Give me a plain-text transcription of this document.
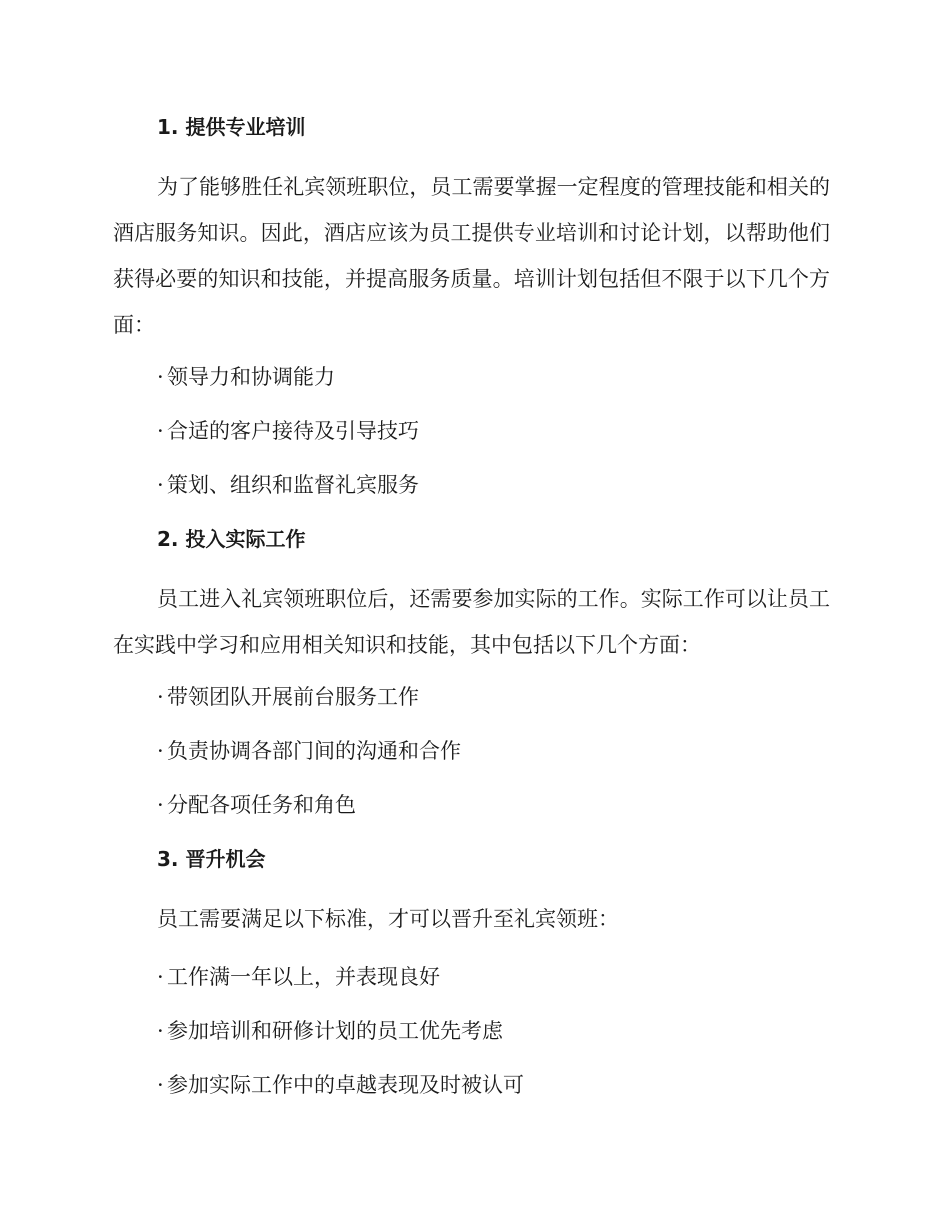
1. 提供专业培训

为了能够胜任礼宾领班职位，员工需要掌握一定程度的管理技能和相关的酒店服务知识。因此，酒店应该为员工提供专业培训和讨论计划，以帮助他们获得必要的知识和技能，并提高服务质量。培训计划包括但不限于以下几个方面：

· 领导力和协调能力
· 合适的客户接待及引导技巧
· 策划、组织和监督礼宾服务
2. 投入实际工作

员工进入礼宾领班职位后，还需要参加实际的工作。实际工作可以让员工在实践中学习和应用相关知识和技能，其中包括以下几个方面：

· 带领团队开展前台服务工作
· 负责协调各部门间的沟通和合作
· 分配各项任务和角色
3. 晋升机会

员工需要满足以下标准，才可以晋升至礼宾领班：

· 工作满一年以上，并表现良好
· 参加培训和研修计划的员工优先考虑
· 参加实际工作中的卓越表现及时被认可
